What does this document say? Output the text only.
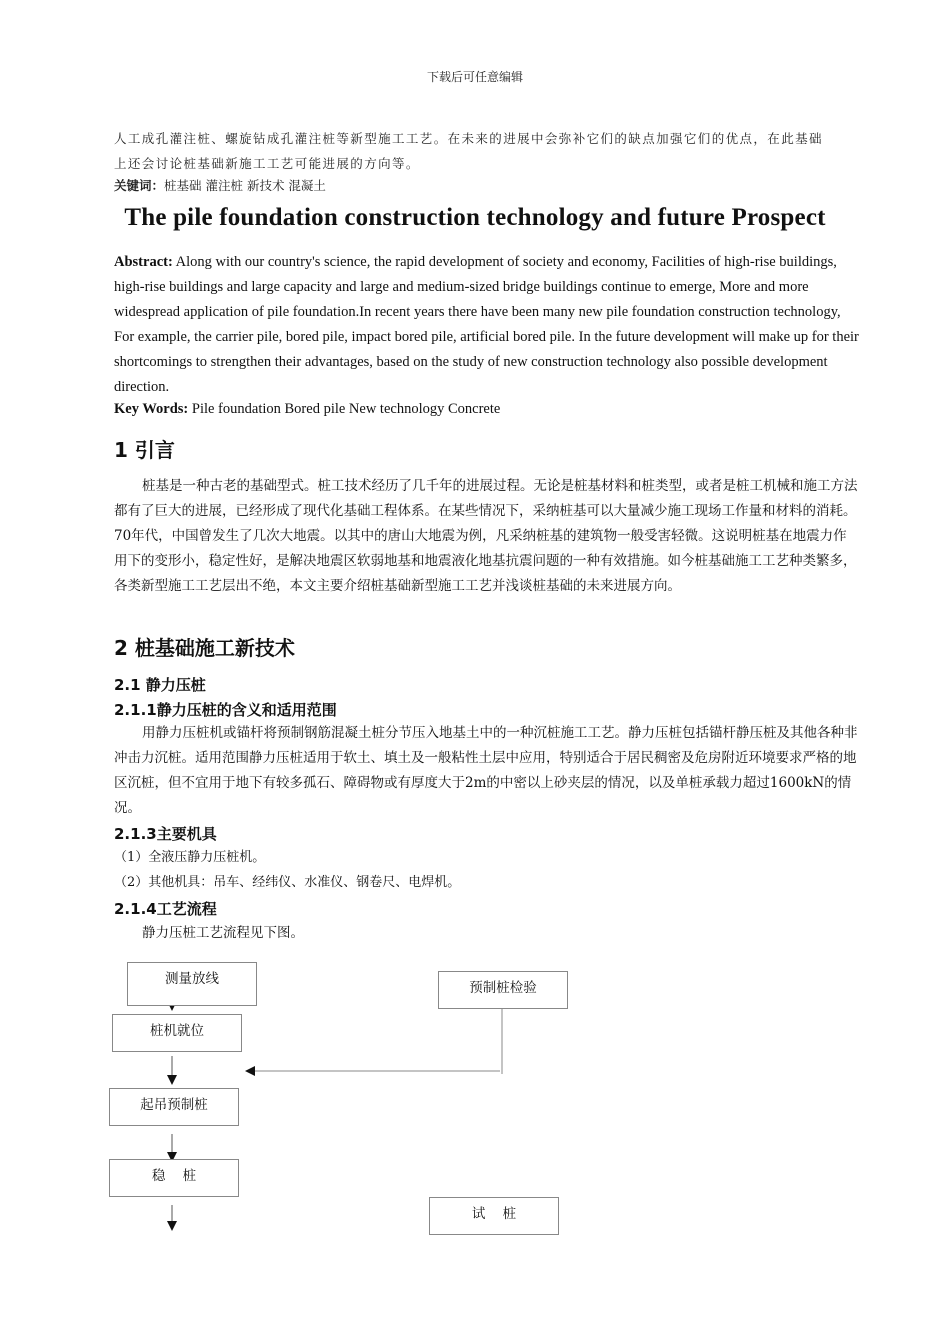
下载后可任意编辑
人工成孔灌注桩、螺旋钻成孔灌注桩等新型施工工艺。在未来的进展中会弥补它们的缺点加强它们的优点，在此基础
上还会讨论桩基础新施工工艺可能进展的方向等。
关键词：桩基础 灌注桩 新技术 混凝土
The pile foundation construction technology and future Prospect
Abstract: Along with our country's science, the rapid development of society and economy, Facilities of high-rise buildings, high-rise buildings and large capacity and large and medium-sized bridge buildings continue to emerge, More and more widespread application of pile foundation.In recent years there have been many new pile foundation construction technology, For example, the carrier pile, bored pile, impact bored pile, artificial bored pile. In the future development will make up for their shortcomings to strengthen their advantages, based on the study of new construction technology also possible development direction.
Key Words: Pile foundation Bored pile New technology Concrete
1 引言
桩基是一种古老的基础型式。桩工技术经历了几千年的进展过程。无论是桩基材料和桩类型，或者是桩工机械和施工方法都有了巨大的进展，已经形成了现代化基础工程体系。在某些情况下，采纳桩基可以大量减少施工现场工作量和材料的消耗。70年代，中国曾发生了几次大地震。以其中的唐山大地震为例，凡采纳桩基的建筑物一般受害轻微。这说明桩基在地震力作用下的变形小，稳定性好，是解决地震区软弱地基和地震液化地基抗震问题的一种有效措施。如今桩基础施工工艺种类繁多，各类新型施工工艺层出不绝，本文主要介绍桩基础新型施工工艺并浅谈桩基础的未来进展方向。
2 桩基础施工新技术
2.1 静力压桩
2.1.1静力压桩的含义和适用范围
用静力压桩机或锚杆将预制钢筋混凝土桩分节压入地基土中的一种沉桩施工工艺。静力压桩包括锚杆静压桩及其他各种非冲击力沉桩。适用范围静力压桩适用于软土、填土及一般粘性土层中应用，特别适合于居民稠密及危房附近环境要求严格的地区沉桩，但不宜用于地下有较多孤石、障碍物或有厚度大于2m的中密以上砂夹层的情况，以及单桩承载力超过1600kN的情况。
2.1.3主要机具
（1）全液压静力压桩机。
（2）其他机具：吊车、经纬仪、水准仪、钢卷尺、电焊机。
2.1.4工艺流程
静力压桩工艺流程见下图。
测量放线
桩机就位
起吊预制桩
稳    桩
预制桩检验
试    桩
